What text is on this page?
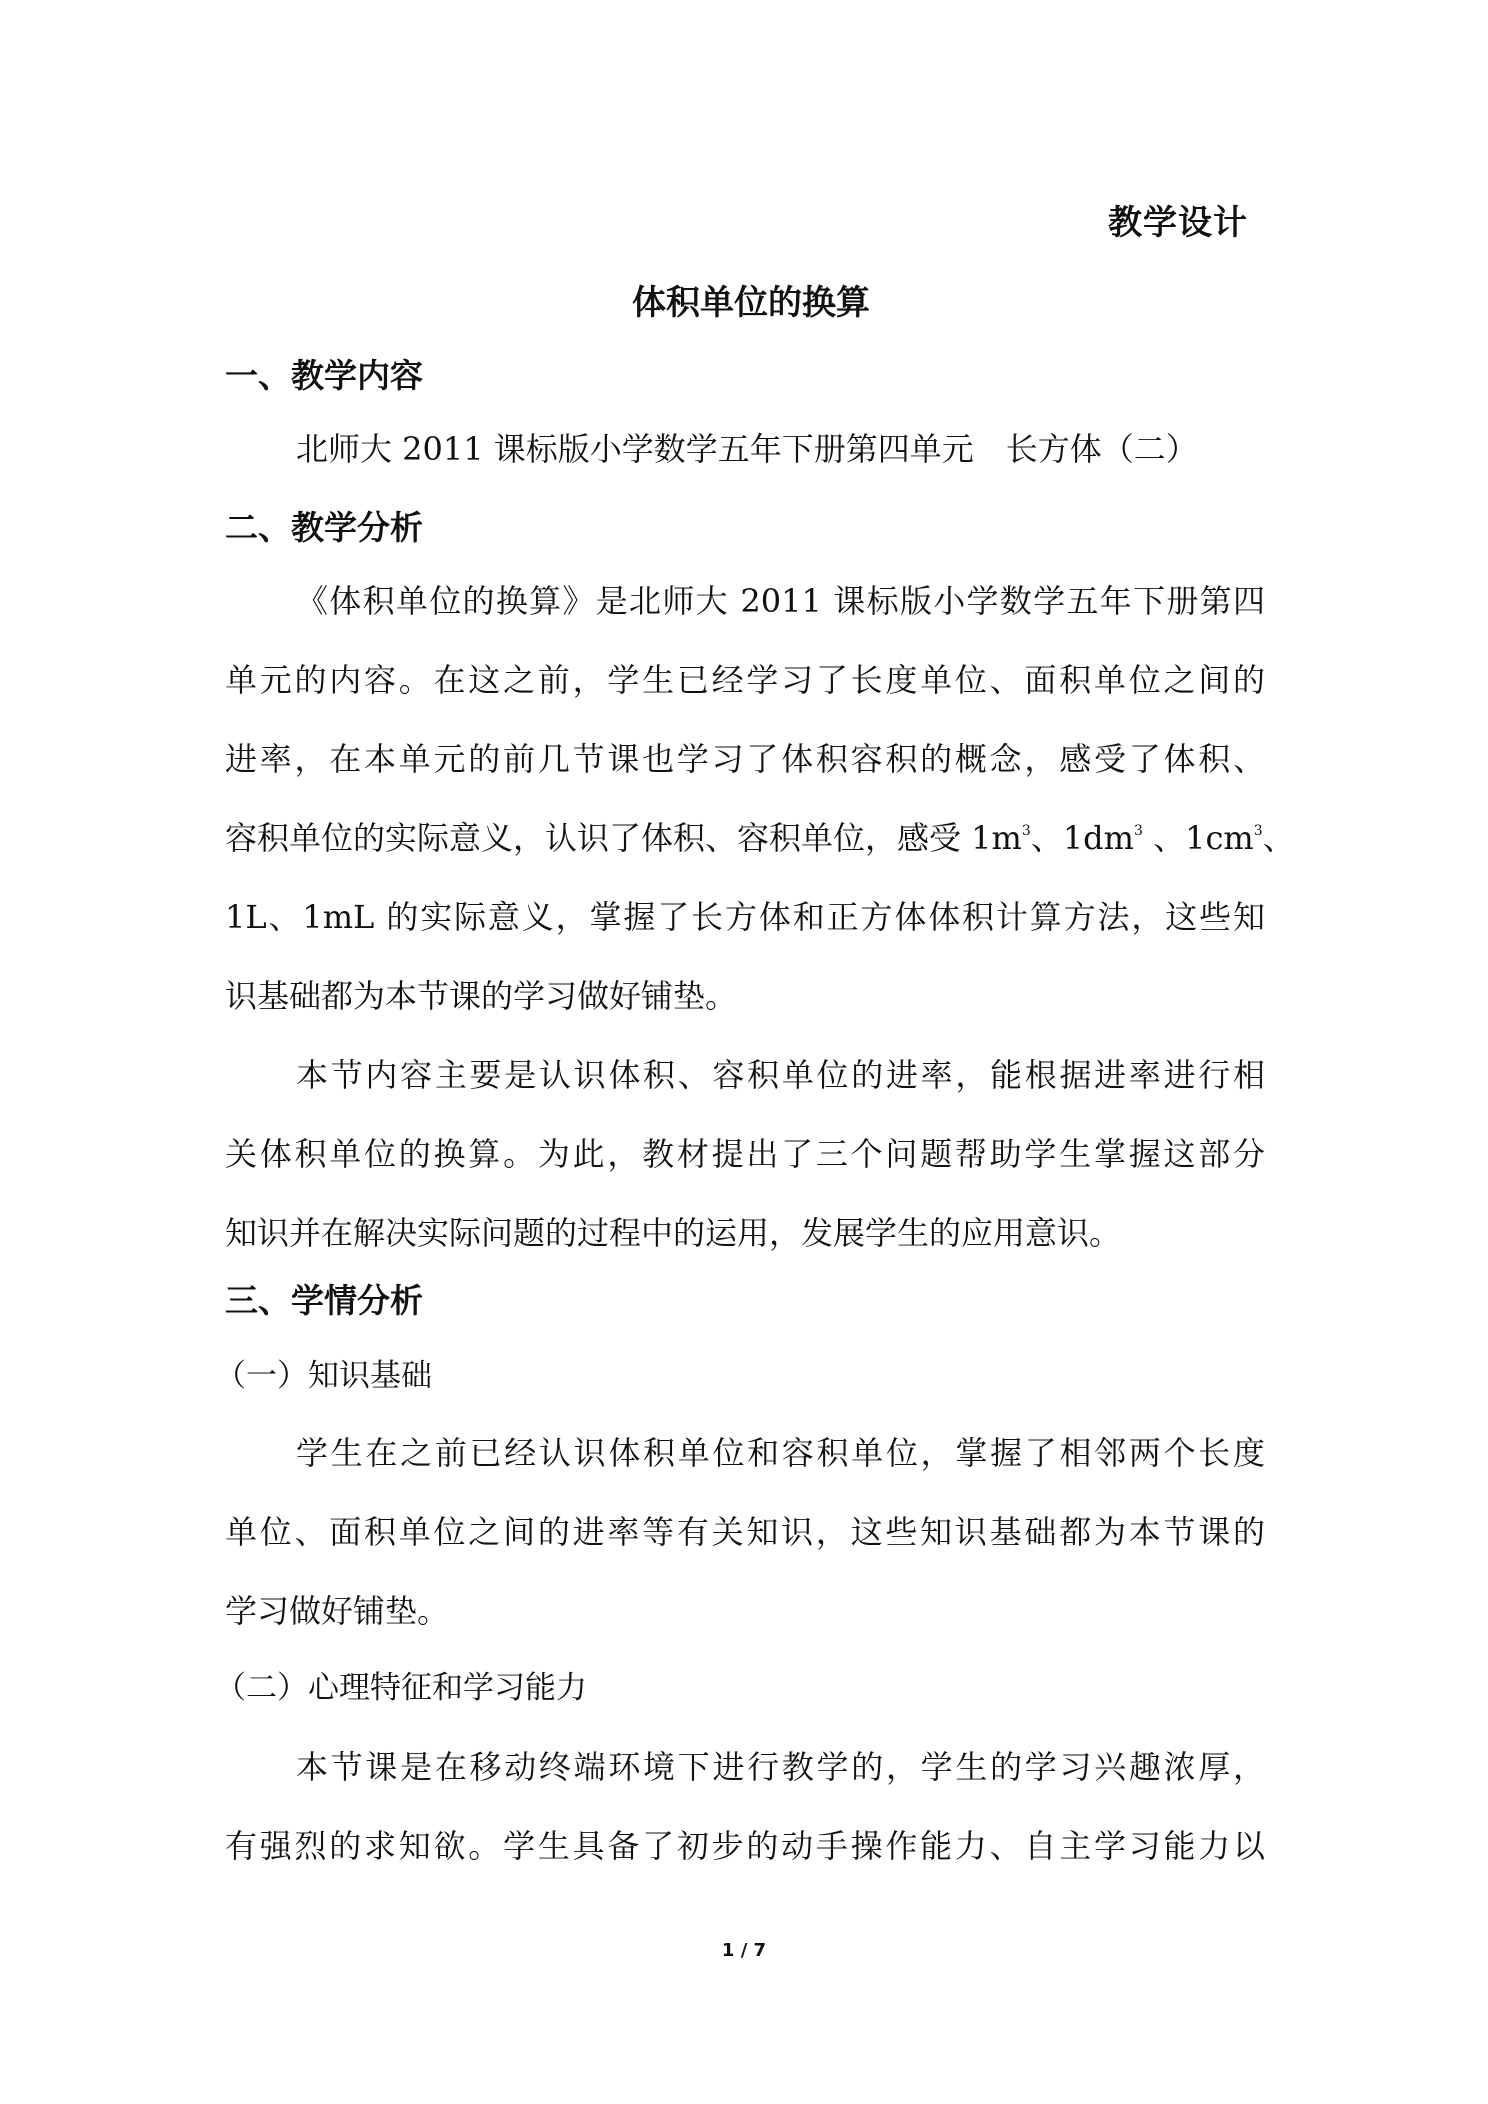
教学设计
体积单位的换算
一、教学内容
北师大 2011 课标版小学数学五年下册第四单元　长方体（二）
二、教学分析
《体积单位的换算》是北师大 2011 课标版小学数学五年下册第四
单元的内容。在这之前，学生已经学习了长度单位、面积单位之间的
进率，在本单元的前几节课也学习了体积容积的概念，感受了体积、
容积单位的实际意义，认识了体积、容积单位，感受 $1m^3$、$1dm^3$ 、$1cm^3$、
1L、1mL 的实际意义，掌握了长方体和正方体体积计算方法，这些知
识基础都为本节课的学习做好铺垫。
本节内容主要是认识体积、容积单位的进率，能根据进率进行相
关体积单位的换算。为此，教材提出了三个问题帮助学生掌握这部分
知识并在解决实际问题的过程中的运用，发展学生的应用意识。
三、学情分析
（一）知识基础
学生在之前已经认识体积单位和容积单位，掌握了相邻两个长度
单位、面积单位之间的进率等有关知识，这些知识基础都为本节课的
学习做好铺垫。
（二）心理特征和学习能力
本节课是在移动终端环境下进行教学的，学生的学习兴趣浓厚，
有强烈的求知欲。学生具备了初步的动手操作能力、自主学习能力以
1 / 7
